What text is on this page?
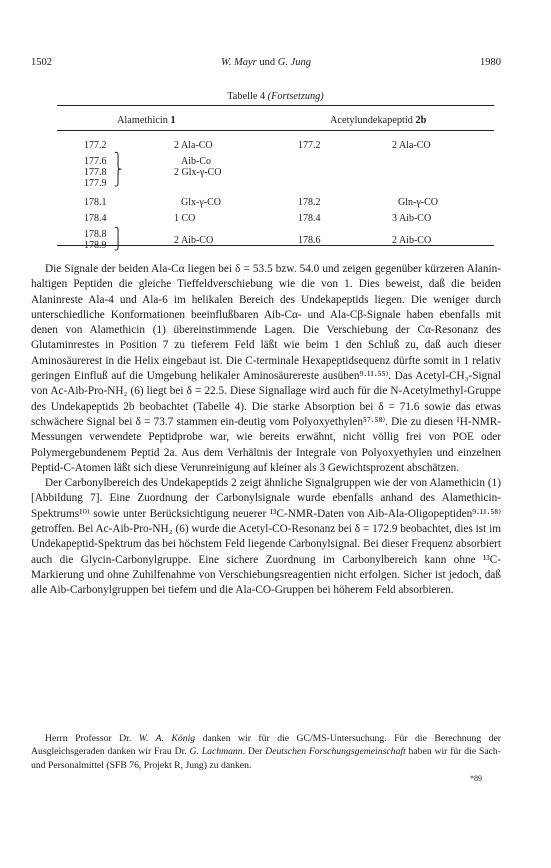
1502	W. Mayr und G. Jung	1980
Tabelle 4 (Fortsetzung)
Alamethicin 1	Acetylundekapeptid 2b
177.2	2 Ala-CO	177.2	2 Ala-CO
177.6	Aib-Co
177.8	2 Glx-γ-CO
177.9
⎫
⎬
⎭
178.1	Glx-γ-CO	178.2	Gln-γ-CO
178.4	1 CO	178.4	3 Aib-CO
178.8
178.9	2 Aib-CO	178.6	2 Aib-CO
⎫
⎭

Die Signale der beiden Ala-Cα liegen bei δ = 53.5 bzw. 54.0 und zeigen gegenüber kürzeren Alanin-haltigen Peptiden die gleiche Tieffeldverschiebung wie die von 1. Dies beweist, daß die beiden Alaninreste Ala-4 und Ala-6 im helikalen Bereich des Undekapeptids liegen. Die weniger durch unterschiedliche Konformationen beeinflußbaren Aib-Cα- und Ala-Cβ-Signale haben ebenfalls mit denen von Alamethicin (1) übereinstimmende Lagen. Die Verschiebung der Cα-Resonanz des Glutaminrestes in Position 7 zu tieferem Feld läßt wie beim 1 den Schluß zu, daß auch dieser Aminosäurerest in die Helix eingebaut ist. Die C-terminale Hexapeptidsequenz dürfte somit in 1 relativ geringen Einfluß auf die Umgebung helikaler Aminosäurereste ausüben⁹·¹¹·⁵⁵⁾. Das Acetyl-CH₃-Signal von Ac-Aib-Pro-NH₂ (6) liegt bei δ = 22.5. Diese Signallage wird auch für die N-Acetylmethyl-Gruppe des Undekapeptids 2b beobachtet (Tabelle 4). Die starke Absorption bei δ = 71.6 sowie das etwas schwächere Signal bei δ = 73.7 stammen ein-deutig vom Polyoxyethylen⁵⁷·⁵⁸⁾. Die zu diesen ¹H-NMR-Messungen verwendete Peptidprobe war, wie bereits erwähnt, nicht völlig frei von POE oder Polymergebundenem Peptid 2a. Aus dem Verhältnis der Integrale von Polyoxyethylen und einzelnen Peptid-C-Atomen läßt sich diese Verunreinigung auf kleiner als 3 Gewichtsprozent abschätzen.

Der Carbonylbereich des Undekapeptids 2 zeigt ähnliche Signalgruppen wie der von Alamethicin (1) [Abbildung 7]. Eine Zuordnung der Carbonylsignale wurde ebenfalls anhand des Alamethicin-Spektrums¹⁰⁾ sowie unter Berücksichtigung neuerer ¹³C-NMR-Daten von Aib-Ala-Oligopeptiden⁹·¹¹·⁵⁸⁾ getroffen. Bei Ac-Aib-Pro-NH₂ (6) wurde die Acetyl-CO-Resonanz bei δ = 172.9 beobachtet, dies ist im Undekapeptid-Spektrum das bei höchstem Feld liegende Carbonylsignal. Bei dieser Frequenz absorbiert auch die Glycin-Carbonylgruppe. Eine sichere Zuordnung im Carbonylbereich kann ohne ¹³C-Markierung und ohne Zuhilfenahme von Verschiebungsreagentien nicht erfolgen. Sicher ist jedoch, daß alle Aib-Carbonylgruppen bei tiefem und die Ala-CO-Gruppen bei höherem Feld absorbieren.

Herrn Professor Dr. W. A. König danken wir für die GC/MS-Untersuchung. Für die Berechnung der Ausgleichsgeraden danken wir Frau Dr. G. Lachmann. Der Deutschen Forschungsgemeinschaft haben wir für die Sach- und Personalmittel (SFB 76, Projekt R, Jung) zu danken.
*89
